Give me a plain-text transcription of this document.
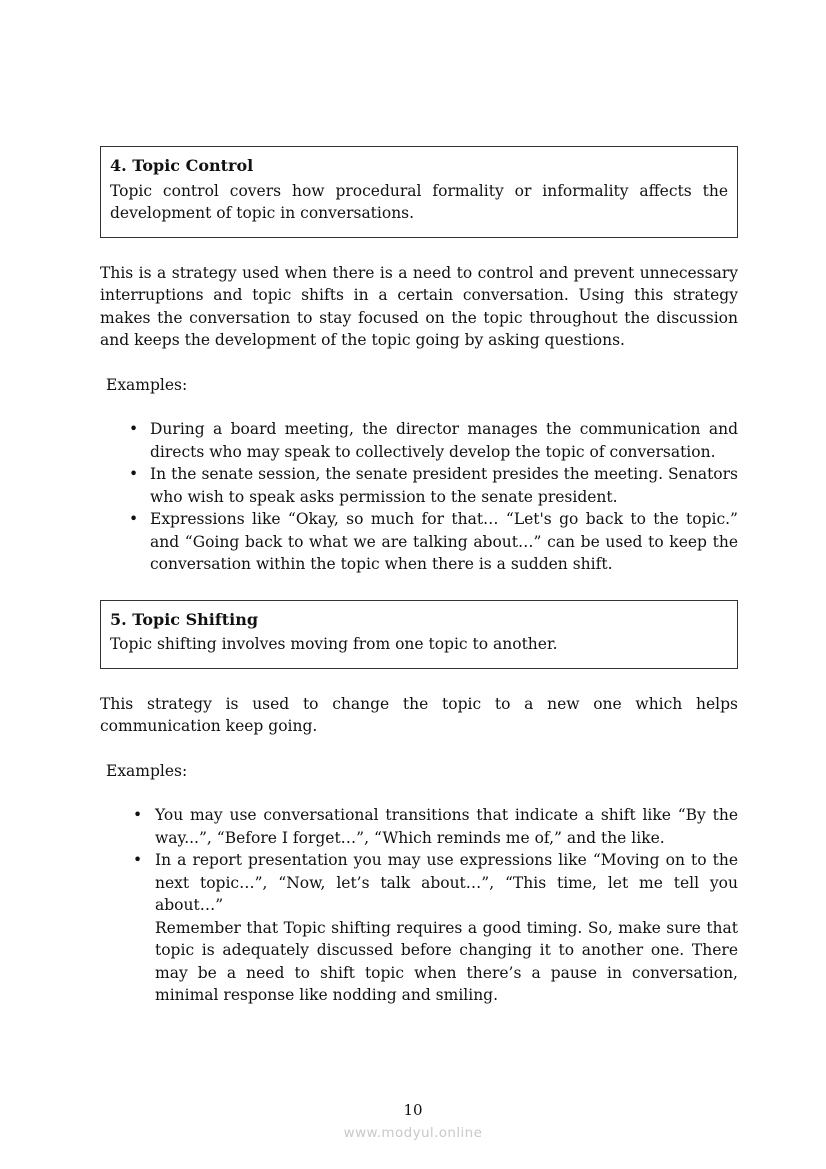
4. Topic Control
Topic control covers how procedural formality or informality affects the development of topic in conversations.

This is a strategy used when there is a need to control and prevent unnecessary interruptions and topic shifts in a certain conversation. Using this strategy makes the conversation to stay focused on the topic throughout the discussion and keeps the development of the topic going by asking questions.

Examples:
• During a board meeting, the director manages the communication and directs who may speak to collectively develop the topic of conversation.
• In the senate session, the senate president presides the meeting. Senators who wish to speak asks permission to the senate president.
• Expressions like “Okay, so much for that… “Let's go back to the topic.” and “Going back to what we are talking about…” can be used to keep the conversation within the topic when there is a sudden shift.
5. Topic Shifting
Topic shifting involves moving from one topic to another.

This strategy is used to change the topic to a new one which helps communication keep going.

Examples:
• You may use conversational transitions that indicate a shift like “By the way...”, “Before I forget…”, “Which reminds me of,” and the like.
• In a report presentation you may use expressions like “Moving on to the next topic…”, “Now, let’s talk about…”, “This time, let me tell you about…”
Remember that Topic shifting requires a good timing. So, make sure that topic is adequately discussed before changing it to another one. There may be a need to shift topic when there’s a pause in conversation, minimal response like nodding and smiling.
10
www.modyul.online
